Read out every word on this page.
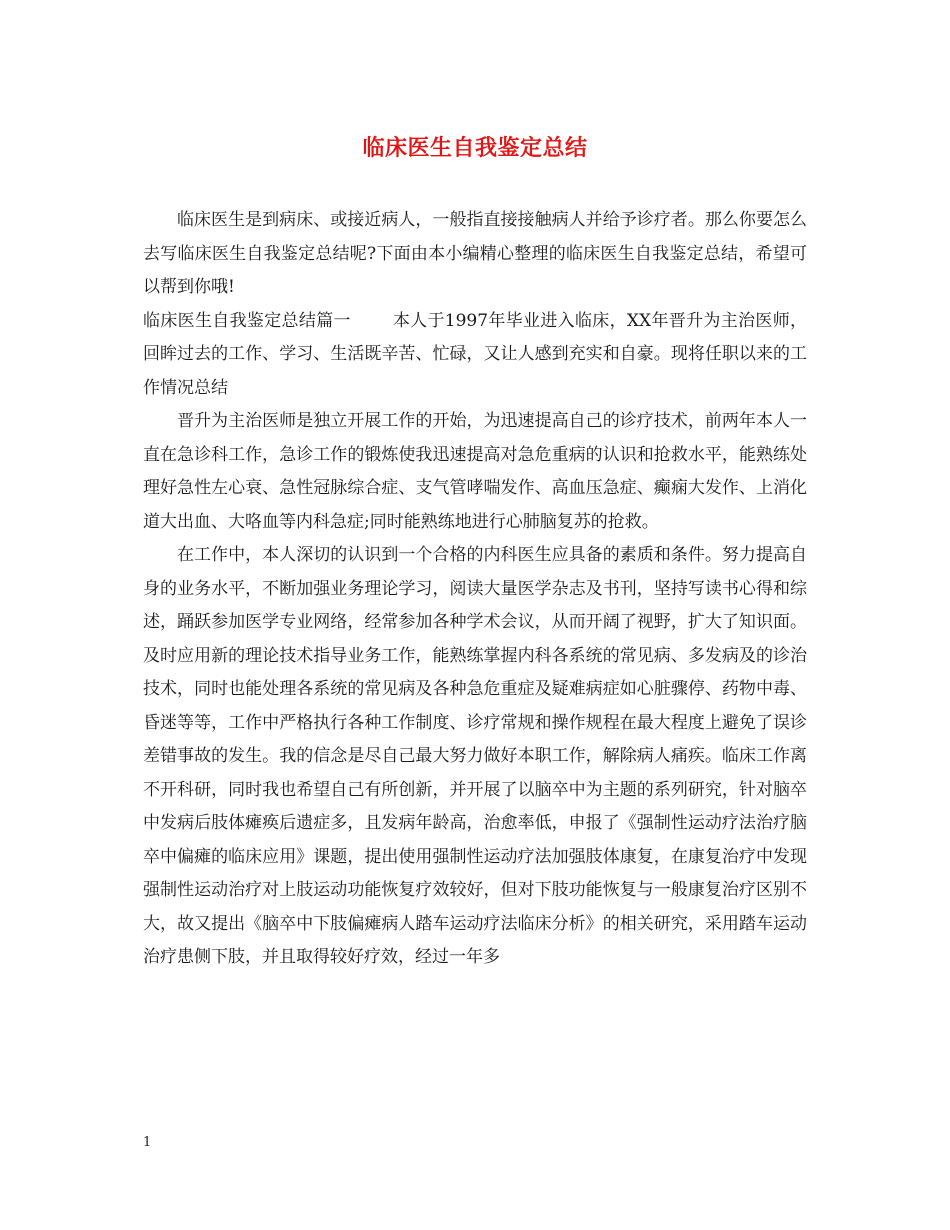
临床医生自我鉴定总结

临床医生是到病床、或接近病人，一般指直接接触病人并给予诊疗者。那么你要怎么去写临床医生自我鉴定总结呢?下面由本小编精心整理的临床医生自我鉴定总结，希望可以帮到你哦!

临床医生自我鉴定总结篇一 本人于1997年毕业进入临床，XX年晋升为主治医师，回眸过去的工作、学习、生活既辛苦、忙碌，又让人感到充实和自豪。现将任职以来的工作情况总结

晋升为主治医师是独立开展工作的开始，为迅速提高自己的诊疗技术，前两年本人一直在急诊科工作，急诊工作的锻炼使我迅速提高对急危重病的认识和抢救水平，能熟练处理好急性左心衰、急性冠脉综合症、支气管哮喘发作、高血压急症、癫痫大发作、上消化道大出血、大咯血等内科急症;同时能熟练地进行心肺脑复苏的抢救。

在工作中，本人深切的认识到一个合格的内科医生应具备的素质和条件。努力提高自身的业务水平，不断加强业务理论学习，阅读大量医学杂志及书刊，坚持写读书心得和综述，踊跃参加医学专业网络，经常参加各种学术会议，从而开阔了视野，扩大了知识面。及时应用新的理论技术指导业务工作，能熟练掌握内科各系统的常见病、多发病及的诊治技术，同时也能处理各系统的常见病及各种急危重症及疑难病症如心脏骤停、药物中毒、昏迷等等，工作中严格执行各种工作制度、诊疗常规和操作规程在最大程度上避免了误诊差错事故的发生。我的信念是尽自己最大努力做好本职工作，解除病人痛疾。临床工作离不开科研，同时我也希望自己有所创新，并开展了以脑卒中为主题的系列研究，针对脑卒中发病后肢体瘫痪后遗症多，且发病年龄高，治愈率低，申报了《强制性运动疗法治疗脑卒中偏瘫的临床应用》课题，提出使用强制性运动疗法加强肢体康复，在康复治疗中发现强制性运动治疗对上肢运动功能恢复疗效较好，但对下肢功能恢复与一般康复治疗区别不大，故又提出《脑卒中下肢偏瘫病人踏车运动疗法临床分析》的相关研究，采用踏车运动治疗患侧下肢，并且取得较好疗效，经过一年多

1
